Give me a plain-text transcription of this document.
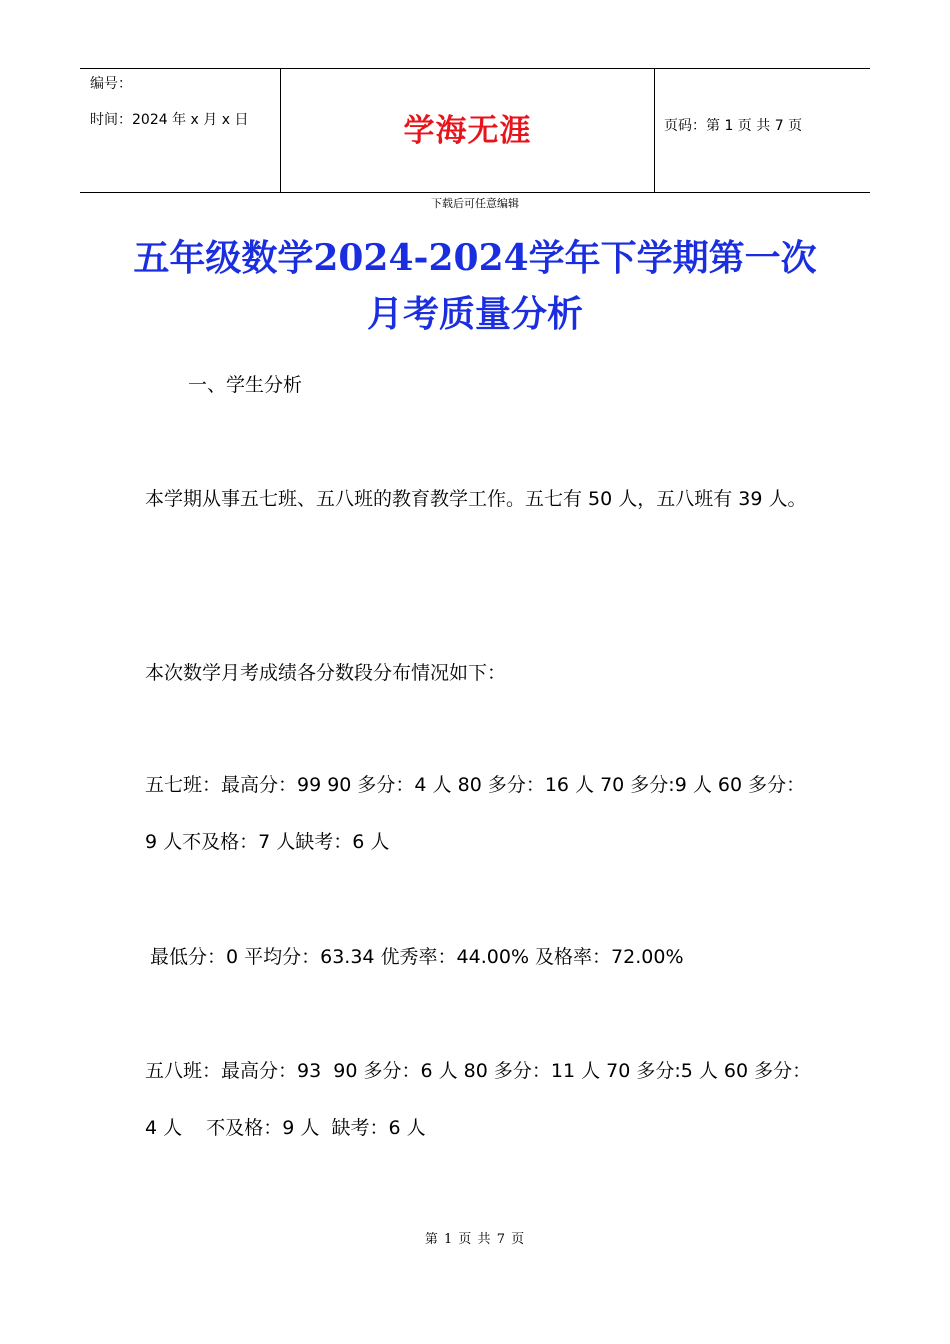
编号：
时间：2024 年 x 月 x 日	学海无涯	页码：第 1 页 共 7 页
下载后可任意编辑
五年级数学2024-2024学年下学期第一次月考质量分析
一、学生分析
本学期从事五七班、五八班的教育教学工作。五七有 50 人，五八班有 39 人。
本次数学月考成绩各分数段分布情况如下：
五七班：最高分：99 90 多分：4 人 80 多分：16 人 70 多分:9 人 60 多分：9 人不及格：7 人缺考：6 人
最低分：0 平均分：63.34 优秀率：44.00% 及格率：72.00%
五八班：最高分：93  90 多分：6 人 80 多分：11 人 70 多分:5 人 60 多分：4 人    不及格：9 人  缺考：6 人
第 1 页 共 7 页
